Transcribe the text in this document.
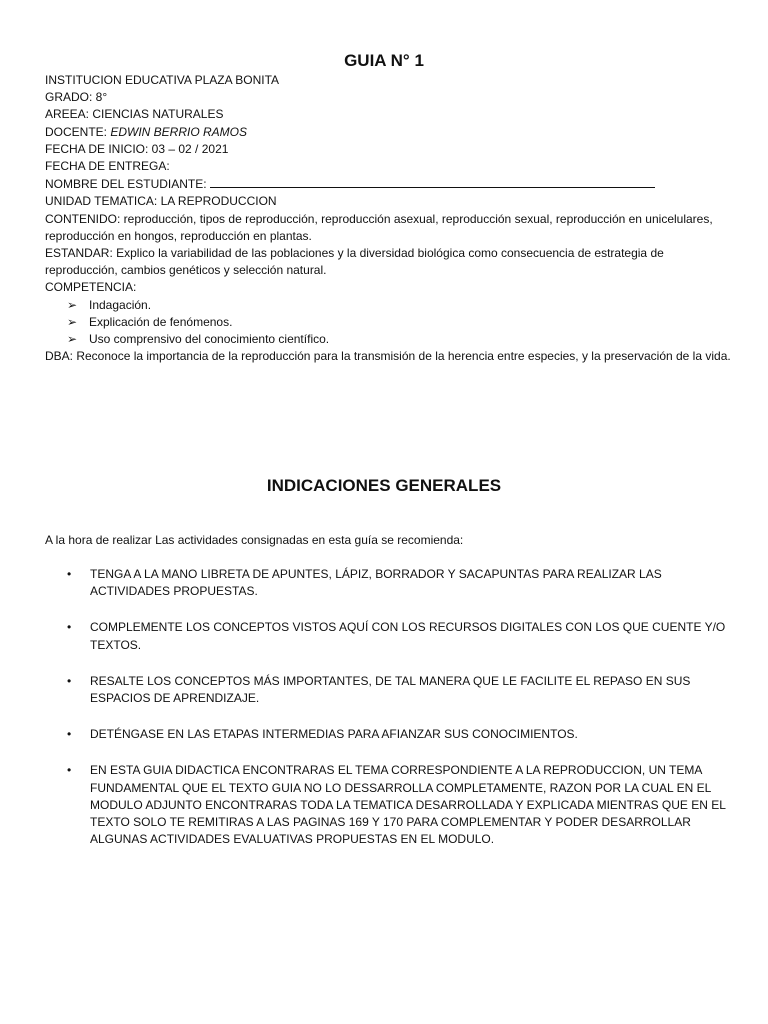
GUIA N° 1
INSTITUCION EDUCATIVA PLAZA BONITA
GRADO: 8°
AREEA: CIENCIAS NATURALES
DOCENTE: EDWIN BERRIO RAMOS
FECHA DE INICIO: 03 – 02 / 2021
FECHA DE ENTREGA:
NOMBRE DEL ESTUDIANTE:
UNIDAD TEMATICA: LA REPRODUCCION
CONTENIDO: reproducción, tipos de reproducción, reproducción asexual, reproducción sexual, reproducción en unicelulares, reproducción en hongos, reproducción en plantas.
ESTANDAR: Explico la variabilidad de las poblaciones y la diversidad biológica como consecuencia de estrategia de reproducción, cambios genéticos y selección natural.
COMPETENCIA:
➢ Indagación.
➢ Explicación de fenómenos.
➢ Uso comprensivo del conocimiento científico.
DBA: Reconoce la importancia de la reproducción para la transmisión de la herencia entre especies, y la preservación de la vida.
INDICACIONES GENERALES
A la hora de realizar Las actividades consignadas en esta guía se recomienda:
• TENGA A LA MANO LIBRETA DE APUNTES, LÁPIZ, BORRADOR Y SACAPUNTAS PARA REALIZAR LAS ACTIVIDADES PROPUESTAS.
• COMPLEMENTE LOS CONCEPTOS VISTOS AQUÍ CON LOS RECURSOS DIGITALES CON LOS QUE CUENTE Y/O TEXTOS.
• RESALTE LOS CONCEPTOS MÁS IMPORTANTES, DE TAL MANERA QUE LE FACILITE EL REPASO EN SUS ESPACIOS DE APRENDIZAJE.
• DETÉNGASE EN LAS ETAPAS INTERMEDIAS PARA AFIANZAR SUS CONOCIMIENTOS.
• EN ESTA GUIA DIDACTICA ENCONTRARAS EL TEMA CORRESPONDIENTE A LA REPRODUCCION, UN TEMA FUNDAMENTAL QUE EL TEXTO GUIA NO LO DESSARROLLA COMPLETAMENTE, RAZON POR LA CUAL EN EL MODULO ADJUNTO ENCONTRARAS TODA LA TEMATICA DESARROLLADA Y EXPLICADA MIENTRAS QUE EN EL TEXTO SOLO TE REMITIRAS A LAS PAGINAS 169 Y 170 PARA COMPLEMENTAR Y PODER DESARROLLAR ALGUNAS ACTIVIDADES EVALUATIVAS PROPUESTAS EN EL MODULO.
